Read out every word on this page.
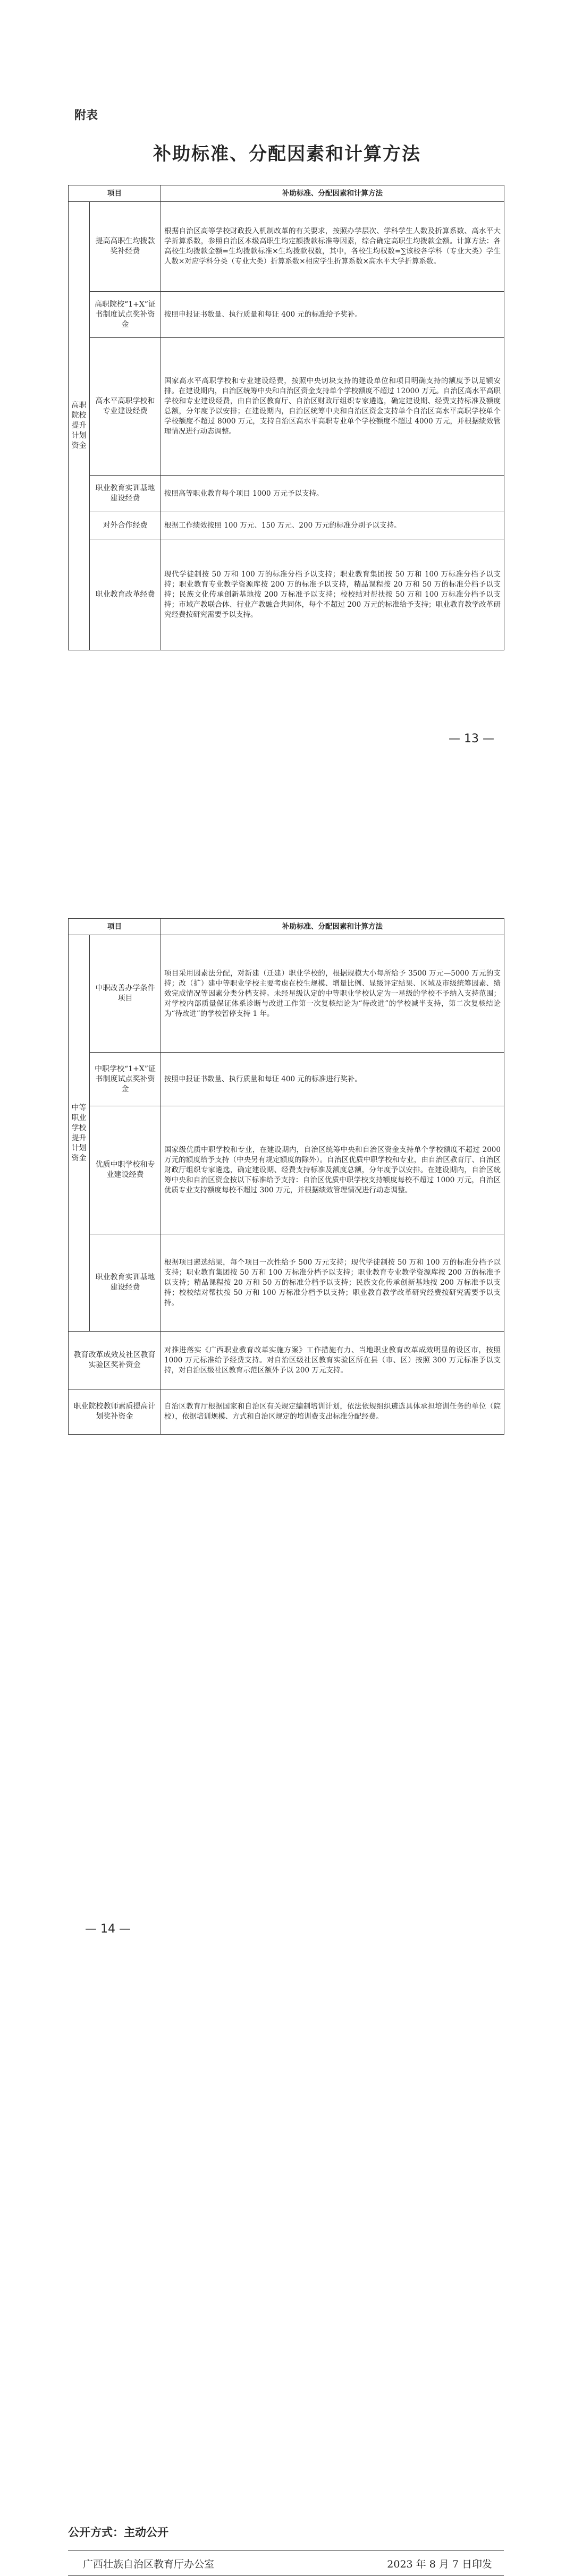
附表
补助标准、分配因素和计算方法
项目		补助标准、分配因素和计算方法
高职院校提升计划资金	提高高职生均拨款奖补经费	根据自治区高等学校财政投入机制改革的有关要求，按照办学层次、学科学生人数及折算系数、高水平大学折算系数，参照自治区本级高职生均定额拨款标准等因素，综合确定高职生均拨款金额。计算方法：各高校生均拨款金额=生均拨款标准×生均拨款权数，其中，各校生均权数=∑该校各学科（专业大类）学生人数×对应学科分类（专业大类）折算系数×相应学生折算系数×高水平大学折算系数。
	高职院校“1+X”证书制度试点奖补资金	按照申报证书数量、执行质量和每证 400 元的标准给予奖补。
	高水平高职学校和专业建设经费	国家高水平高职学校和专业建设经费，按照中央切块支持的建设单位和项目明确支持的额度予以足额安排。在建设期内，自治区统筹中央和自治区资金支持单个学校额度不超过 12000 万元。自治区高水平高职学校和专业建设经费，由自治区教育厅、自治区财政厅组织专家遴选，确定建设期、经费支持标准及额度总额，分年度予以安排；在建设期内，自治区统筹中央和自治区资金支持单个自治区高水平高职学校单个学校额度不超过 8000 万元，支持自治区高水平高职专业单个学校额度不超过 4000 万元，并根据绩效管理情况进行动态调整。
	职业教育实训基地建设经费	按照高等职业教育每个项目 1000 万元予以支持。
	对外合作经费	根据工作绩效按照 100 万元、150 万元、200 万元的标准分别予以支持。
	职业教育改革经费	现代学徒制按 50 万和 100 万的标准分档予以支持；职业教育集团按 50 万和 100 万标准分档予以支持；职业教育专业教学资源库按 200 万的标准予以支持，精品课程按 20 万和 50 万的标准分档予以支持；民族文化传承创新基地按 200 万标准予以支持；校校结对帮扶按 50 万和 100 万标准分档予以支持；市域产教联合体、行业产教融合共同体，每个不超过 200 万元的标准给予支持；职业教育教学改革研究经费按研究需要予以支持。
— 13 —
项目		补助标准、分配因素和计算方法
中等职业学校提升计划资金	中职改善办学条件项目	项目采用因素法分配，对新建（迁建）职业学校的，根据规模大小每所给予 3500 万元—5000 万元的支持；改（扩）建中等职业学校主要考虑在校生规模、增量比例、显级评定结果、区域及市级统筹因素、绩效完成情况等因素分类分档支持。未经星级认定的中等职业学校认定为一星级的学校不予纳入支持范围；对学校内部质量保证体系诊断与改进工作第一次复核结论为“待改进”的学校减半支持，第二次复核结论为“待改进”的学校暂停支持 1 年。
	中职学校“1+X”证书制度试点奖补资金	按照申报证书数量、执行质量和每证 400 元的标准进行奖补。
	优质中职学校和专业建设经费	国家级优质中职学校和专业，在建设期内，自治区统筹中央和自治区资金支持单个学校额度不超过 2000 万元的额度给予支持（中央另有规定额度的除外）。自治区优质中职学校和专业，由自治区教育厅、自治区财政厅组织专家遴选，确定建设期、经费支持标准及额度总额，分年度予以安排。在建设期内，自治区统筹中央和自治区资金按以下标准给予支持：自治区优质中职学校支持额度每校不超过 1000 万元，自治区优质专业支持额度每校不超过 300 万元，并根据绩效管理情况进行动态调整。
	职业教育实训基地建设经费	根据项目遴选结果，每个项目一次性给予 500 万元支持；现代学徒制按 50 万和 100 万的标准分档予以支持；职业教育集团按 50 万和 100 万标准分档予以支持；职业教育专业教学资源库按 200 万的标准予以支持；精品课程按 20 万和 50 万的标准分档予以支持；民族文化传承创新基地按 200 万标准予以支持；校校结对帮扶按 50 万和 100 万标准分档予以支持；职业教育教学改革研究经费按研究需要予以支持。
教育改革成效及社区教育实验区奖补资金		对推进落实《广西职业教育改革实施方案》工作措施有力、当地职业教育改革成效明显的设区市，按照 1000 万元标准给予经费支持。对自治区级社区教育实验区所在县（市、区）按照 300 万元标准予以支持，对自治区级社区教育示范区额外予以 200 万元支持。
职业院校教师素质提高计划奖补资金		自治区教育厅根据国家和自治区有关规定编制培训计划，依法依规组织遴选具体承担培训任务的单位（院校），依据培训规模、方式和自治区规定的培训费支出标准分配经费。
— 14 —
公开方式：主动公开
广西壮族自治区教育厅办公室	2023 年 8 月 7 日印发
